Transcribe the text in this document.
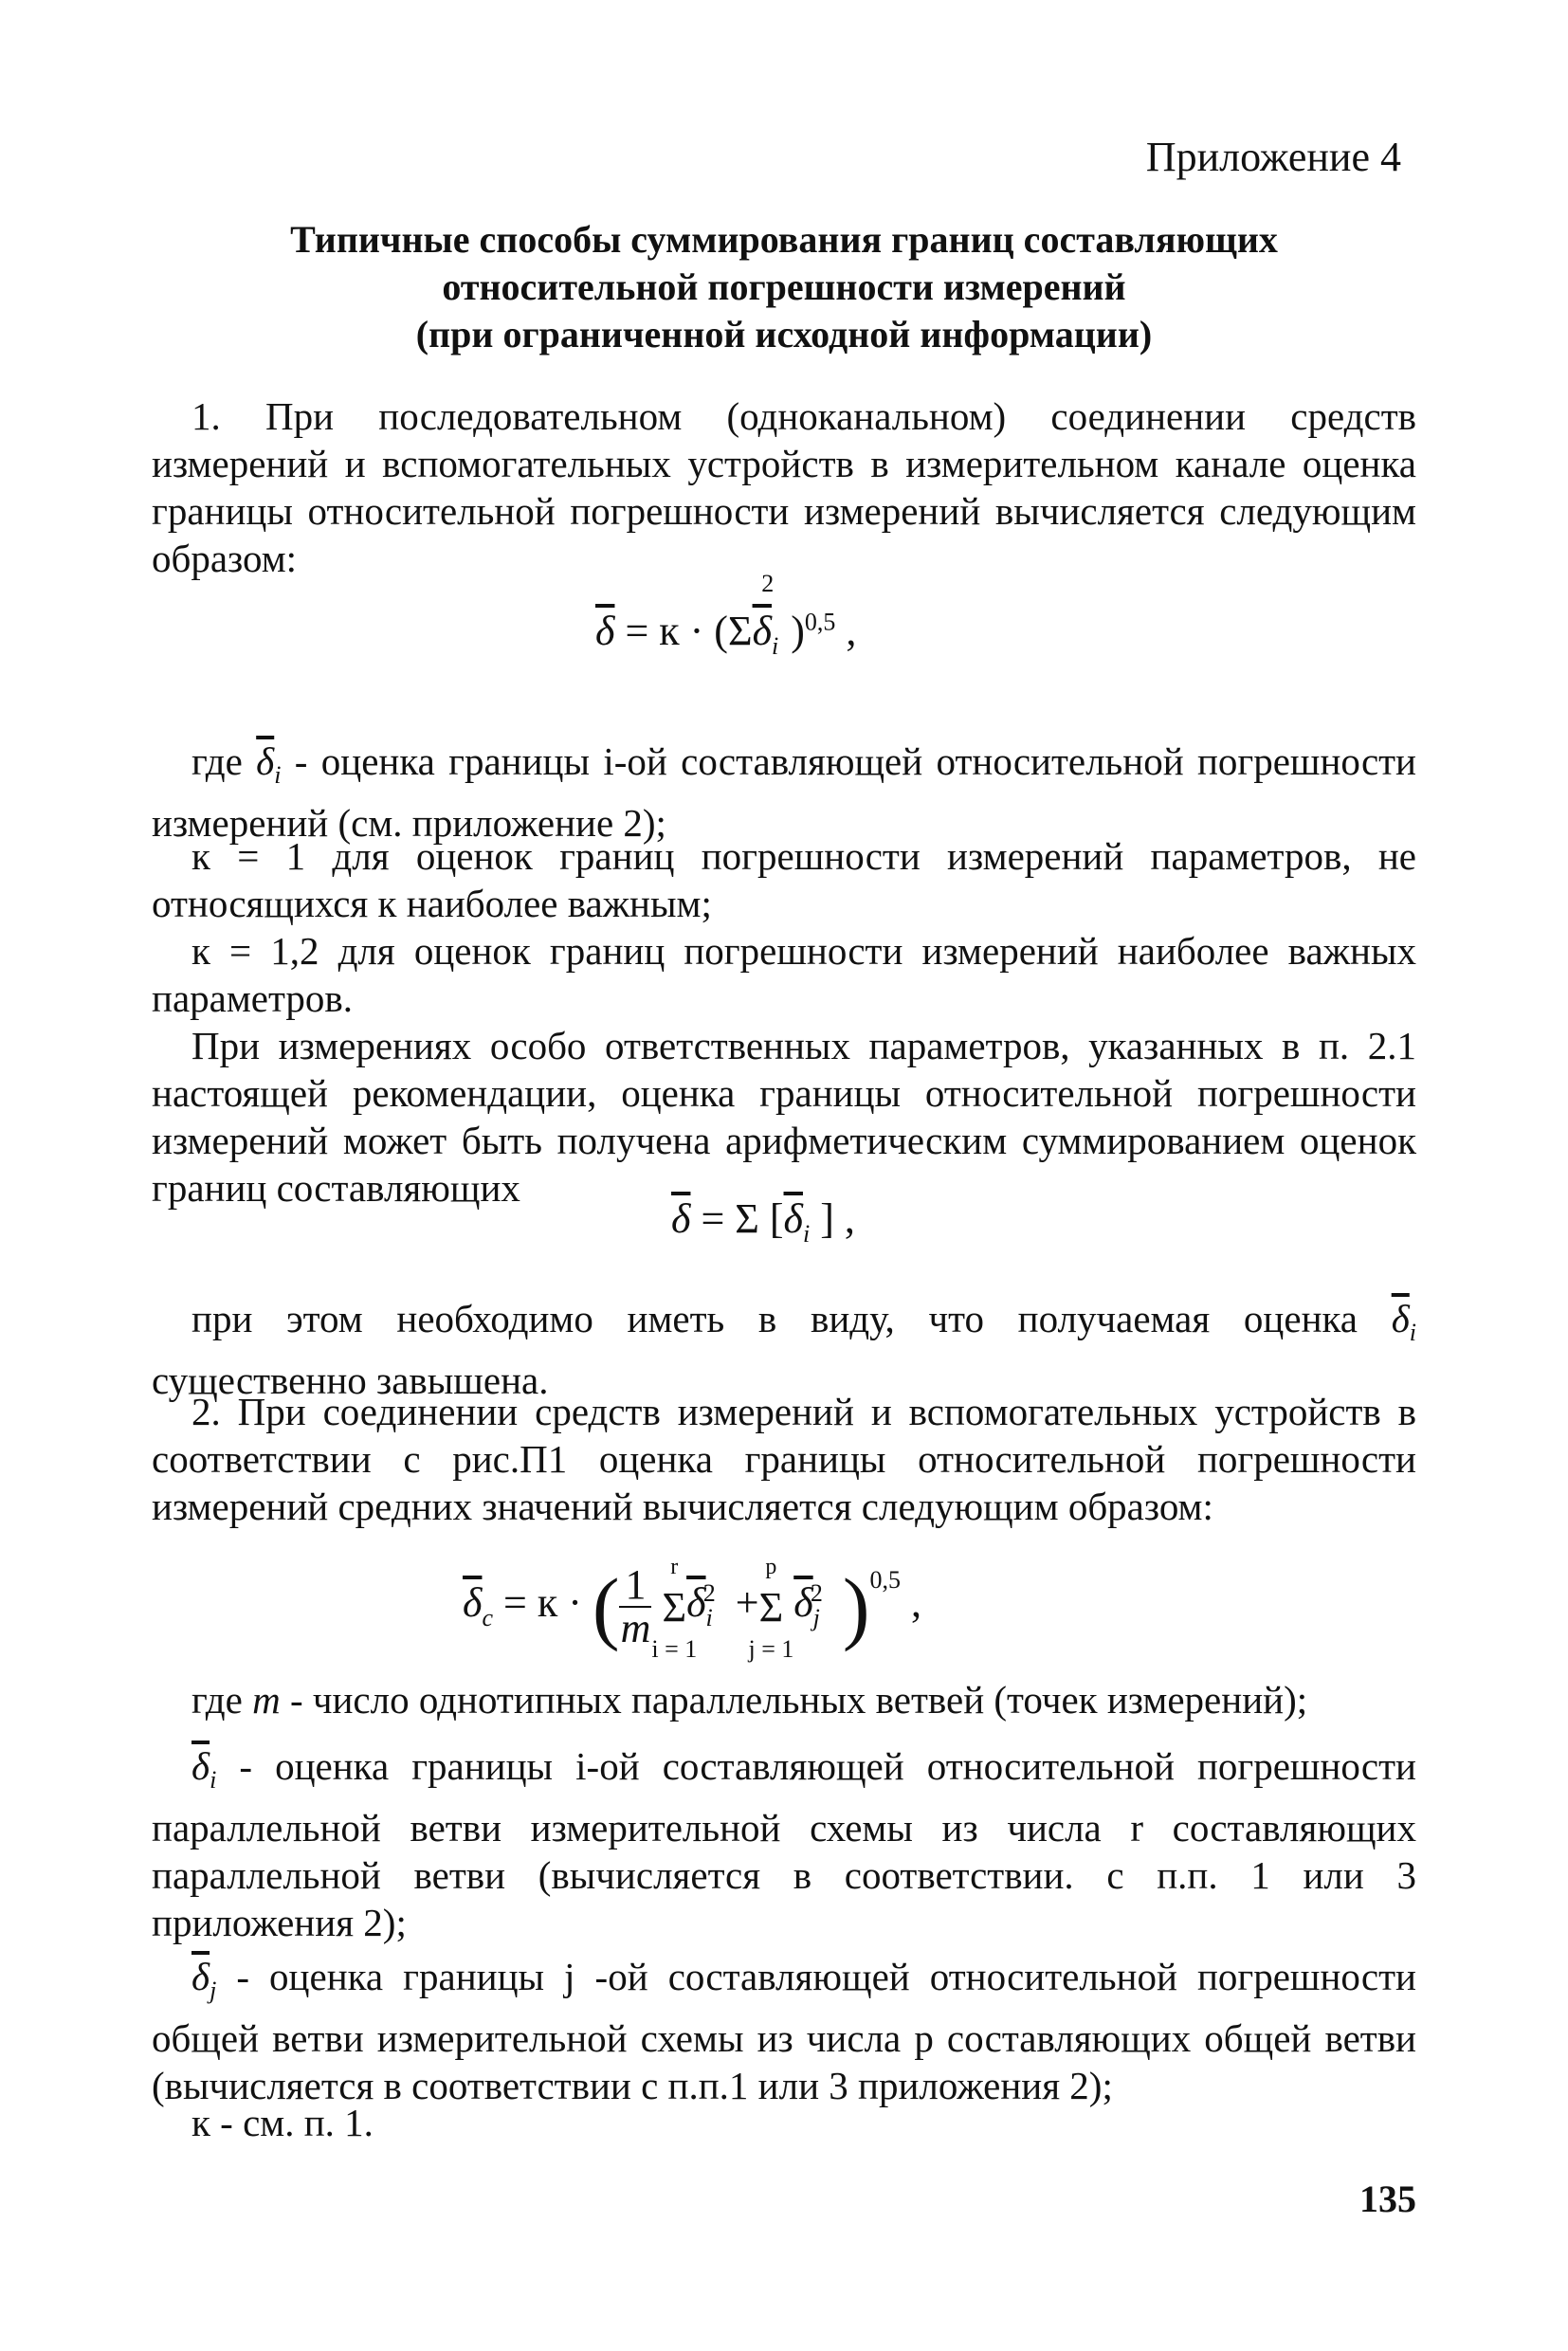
Приложение 4
Типичные способы суммирования границ составляющих
относительной погрешности измерений
(при ограниченной исходной информации)

1. При последовательном (одноканальном) соединении средств измерений и вспомогательных устройств в измерительном канале оценка границы относительной погрешности измерений вычисляется следующим образом:

$\overline{\delta} = к \cdot (\Sigma\overline{\delta}_i^2)^{0,5}$ ,

где $\overline{\delta}_i$ - оценка границы i-ой составляющей относительной погрешности измерений (см. приложение 2);

к = 1 для оценок границ погрешности измерений параметров, не относящихся к наиболее важным;

к = 1,2 для оценок границ погрешности измерений наиболее важных параметров.

При измерениях особо ответственных параметров, указанных в п. 2.1 настоящей рекомендации, оценка границы относительной погрешности измерений может быть получена арифметическим суммированием оценок границ составляющих

$\overline{\delta} = \Sigma$ [$\overline{\delta}_i$ ] ,

при этом необходимо иметь в виду, что получаемая оценка $\overline{\delta}_i$ существенно завышена.

2. При соединении средств измерений и вспомогательных устройств в соответствии с рис.П1 оценка границы относительной погрешности измерений средних значений вычисляется следующим образом:

$\overline{\delta}_c = к$ · ( $\frac{1}{m}$
r
Σ
i = 1
$\overline{\delta}_i^2$ +
p
Σ
j = 1
$\overline{\delta}_j^2$ )$^{0,5}$ ,

где m - число однотипных параллельных ветвей (точек измерений);

$\overline{\delta}_i$ - оценка границы i-ой составляющей относительной погрешности параллельной ветви измерительной схемы из числа r составляющих параллельной ветви (вычисляется в соответствии. с п.п. 1 или 3 приложения 2);

$\overline{\delta}_j$ - оценка границы j -ой составляющей относительной погрешности общей ветви измерительной схемы из числа p составляющих общей ветви (вычисляется в соответствии с п.п.1 или 3 приложения 2);

к - см. п. 1.

135
